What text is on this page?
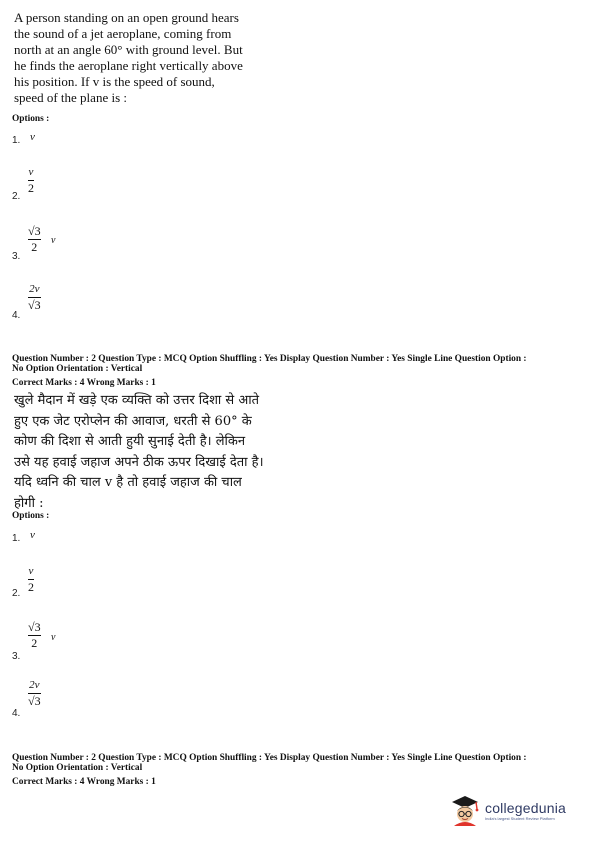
A person standing on an open ground hears
the sound of a jet aeroplane, coming from
north at an angle 60° with ground level. But
he finds the aeroplane right vertically above
his position. If v is the speed of sound,
speed of the plane is :
Options :
1. v
v
2
2.
√3
2 v
3.
2v
√3
4.
Question Number : 2 Question Type : MCQ Option Shuffling : Yes Display Question Number : Yes Single Line Question Option :
No Option Orientation : Vertical
Correct Marks : 4 Wrong Marks : 1
खुले मैदान में खड़े एक व्यक्ति को उत्तर दिशा से आते
हुए एक जेट एरोप्लेन की आवाज, धरती से 60° के
कोण की दिशा से आती हुयी सुनाई देती है। लेकिन
उसे यह हवाई जहाज अपने ठीक ऊपर दिखाई देता है।
यदि ध्वनि की चाल v है तो हवाई जहाज की चाल
होगी :
Options :
1. v
v
2
2.
√3
2 v
3.
2v
√3
4.
Question Number : 2 Question Type : MCQ Option Shuffling : Yes Display Question Number : Yes Single Line Question Option :
No Option Orientation : Vertical
Correct Marks : 4 Wrong Marks : 1
collegedunia
India's largest Student Review Platform
